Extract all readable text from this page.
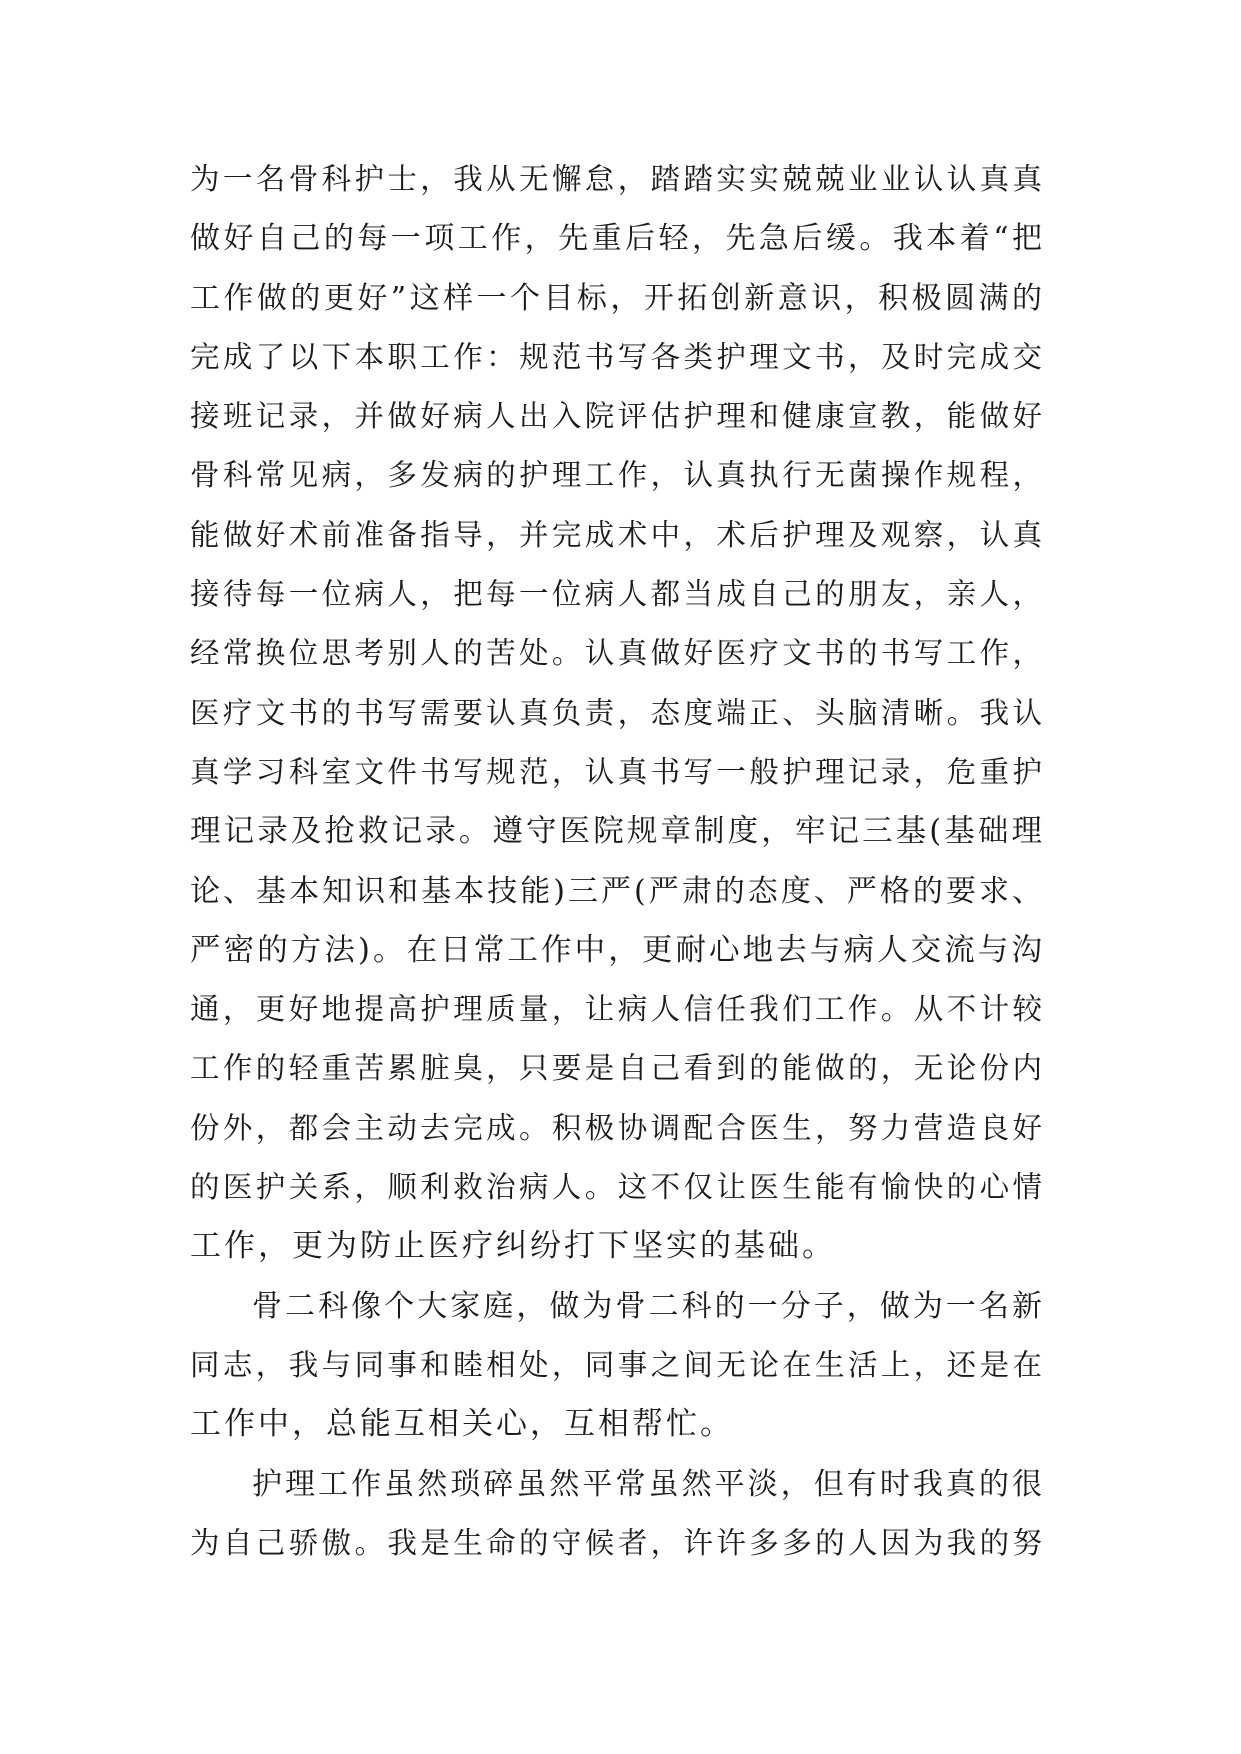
为一名骨科护士，我从无懈怠，踏踏实实兢兢业业认认真真
做好自己的每一项工作，先重后轻，先急后缓。我本着“把
工作做的更好”这样一个目标，开拓创新意识，积极圆满的
完成了以下本职工作：规范书写各类护理文书，及时完成交
接班记录，并做好病人出入院评估护理和健康宣教，能做好
骨科常见病，多发病的护理工作，认真执行无菌操作规程，
能做好术前准备指导，并完成术中，术后护理及观察，认真
接待每一位病人，把每一位病人都当成自己的朋友，亲人，
经常换位思考别人的苦处。认真做好医疗文书的书写工作，
医疗文书的书写需要认真负责，态度端正、头脑清晰。我认
真学习科室文件书写规范，认真书写一般护理记录，危重护
理记录及抢救记录。遵守医院规章制度，牢记三基(基础理
论、基本知识和基本技能)三严(严肃的态度、严格的要求、
严密的方法)。在日常工作中，更耐心地去与病人交流与沟
通，更好地提高护理质量，让病人信任我们工作。从不计较
工作的轻重苦累脏臭，只要是自己看到的能做的，无论份内
份外，都会主动去完成。积极协调配合医生，努力营造良好
的医护关系，顺利救治病人。这不仅让医生能有愉快的心情
工作，更为防止医疗纠纷打下坚实的基础。
骨二科像个大家庭，做为骨二科的一分子，做为一名新
同志，我与同事和睦相处，同事之间无论在生活上，还是在
工作中，总能互相关心，互相帮忙。
护理工作虽然琐碎虽然平常虽然平淡，但有时我真的很
为自己骄傲。我是生命的守候者，许许多多的人因为我的努
